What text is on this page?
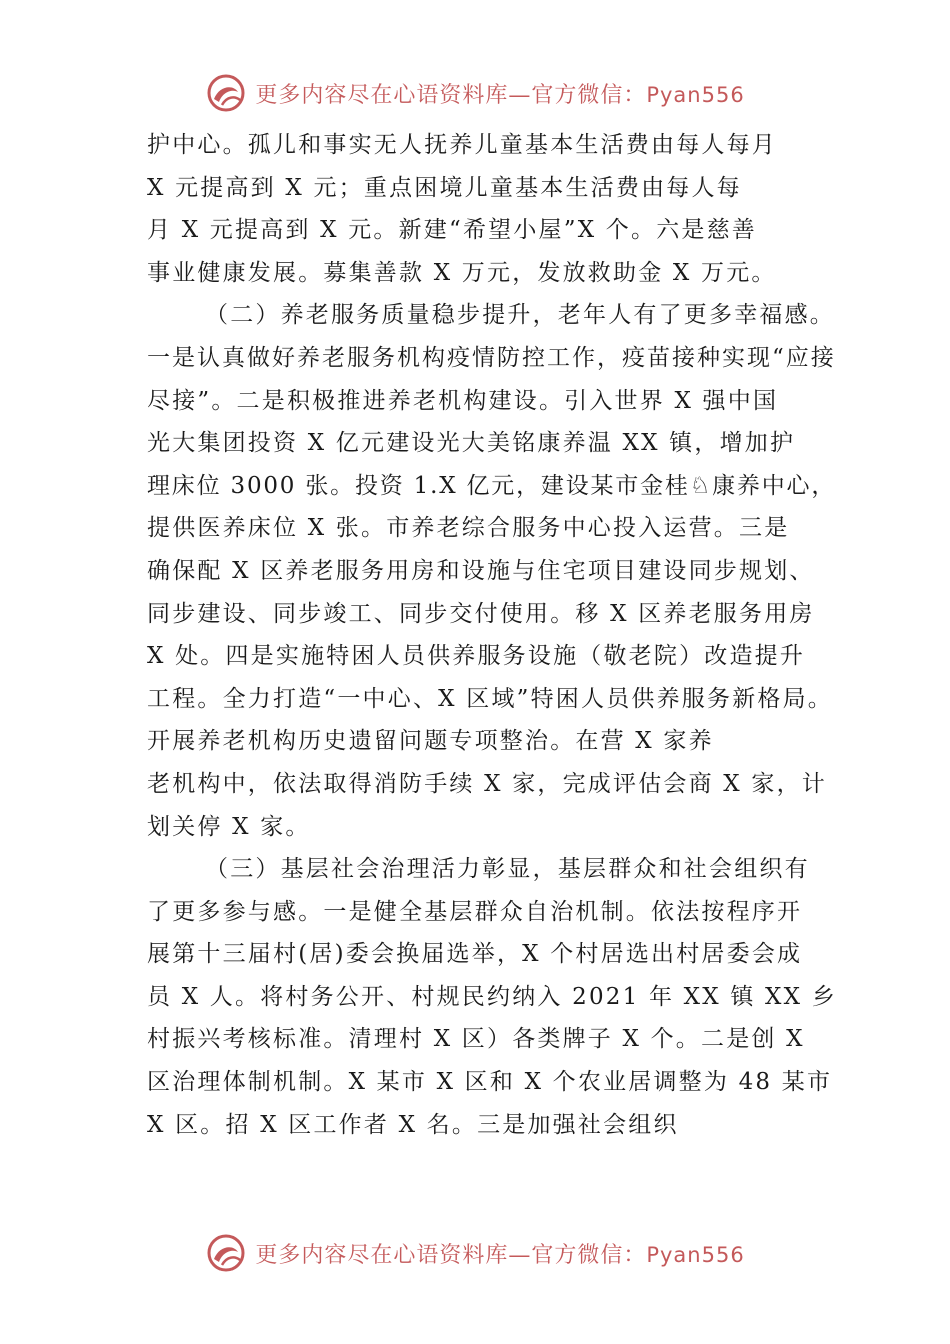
更多内容尽在心语资料库—官方微信：Pyan556
护中心。孤儿和事实无人抚养儿童基本生活费由每人每月
X 元提高到 X 元；重点困境儿童基本生活费由每人每
月 X 元提高到 X 元。新建“希望小屋”X 个。六是慈善
事业健康发展。募集善款 X 万元，发放救助金 X 万元。
（二）养老服务质量稳步提升，老年人有了更多幸福感。
一是认真做好养老服务机构疫情防控工作，疫苗接种实现“应接
尽接”。二是积极推进养老机构建设。引入世界 X 强中国
光大集团投资 X 亿元建设光大美铭康养温 XX 镇，增加护
理床位 3000 张。投资 1.X 亿元，建设某市金桂♘康养中心，
提供医养床位 X 张。市养老综合服务中心投入运营。三是
确保配 X 区养老服务用房和设施与住宅项目建设同步规划、
同步建设、同步竣工、同步交付使用。移 X 区养老服务用房
X 处。四是实施特困人员供养服务设施（敬老院）改造提升
工程。全力打造“一中心、X 区域”特困人员供养服务新格局。
开展养老机构历史遗留问题专项整治。在营 X 家养
老机构中，依法取得消防手续 X 家，完成评估会商 X 家，计
划关停 X 家。
（三）基层社会治理活力彰显，基层群众和社会组织有
了更多参与感。一是健全基层群众自治机制。依法按程序开
展第十三届村(居)委会换届选举，X 个村居选出村居委会成
员 X 人。将村务公开、村规民约纳入 2021 年 XX 镇 XX 乡
村振兴考核标准。清理村 X 区）各类牌子 X 个。二是创 X
区治理体制机制。X 某市 X 区和 X 个农业居调整为 48 某市
X 区。招 X 区工作者 X 名。三是加强社会组织
更多内容尽在心语资料库—官方微信：Pyan556
